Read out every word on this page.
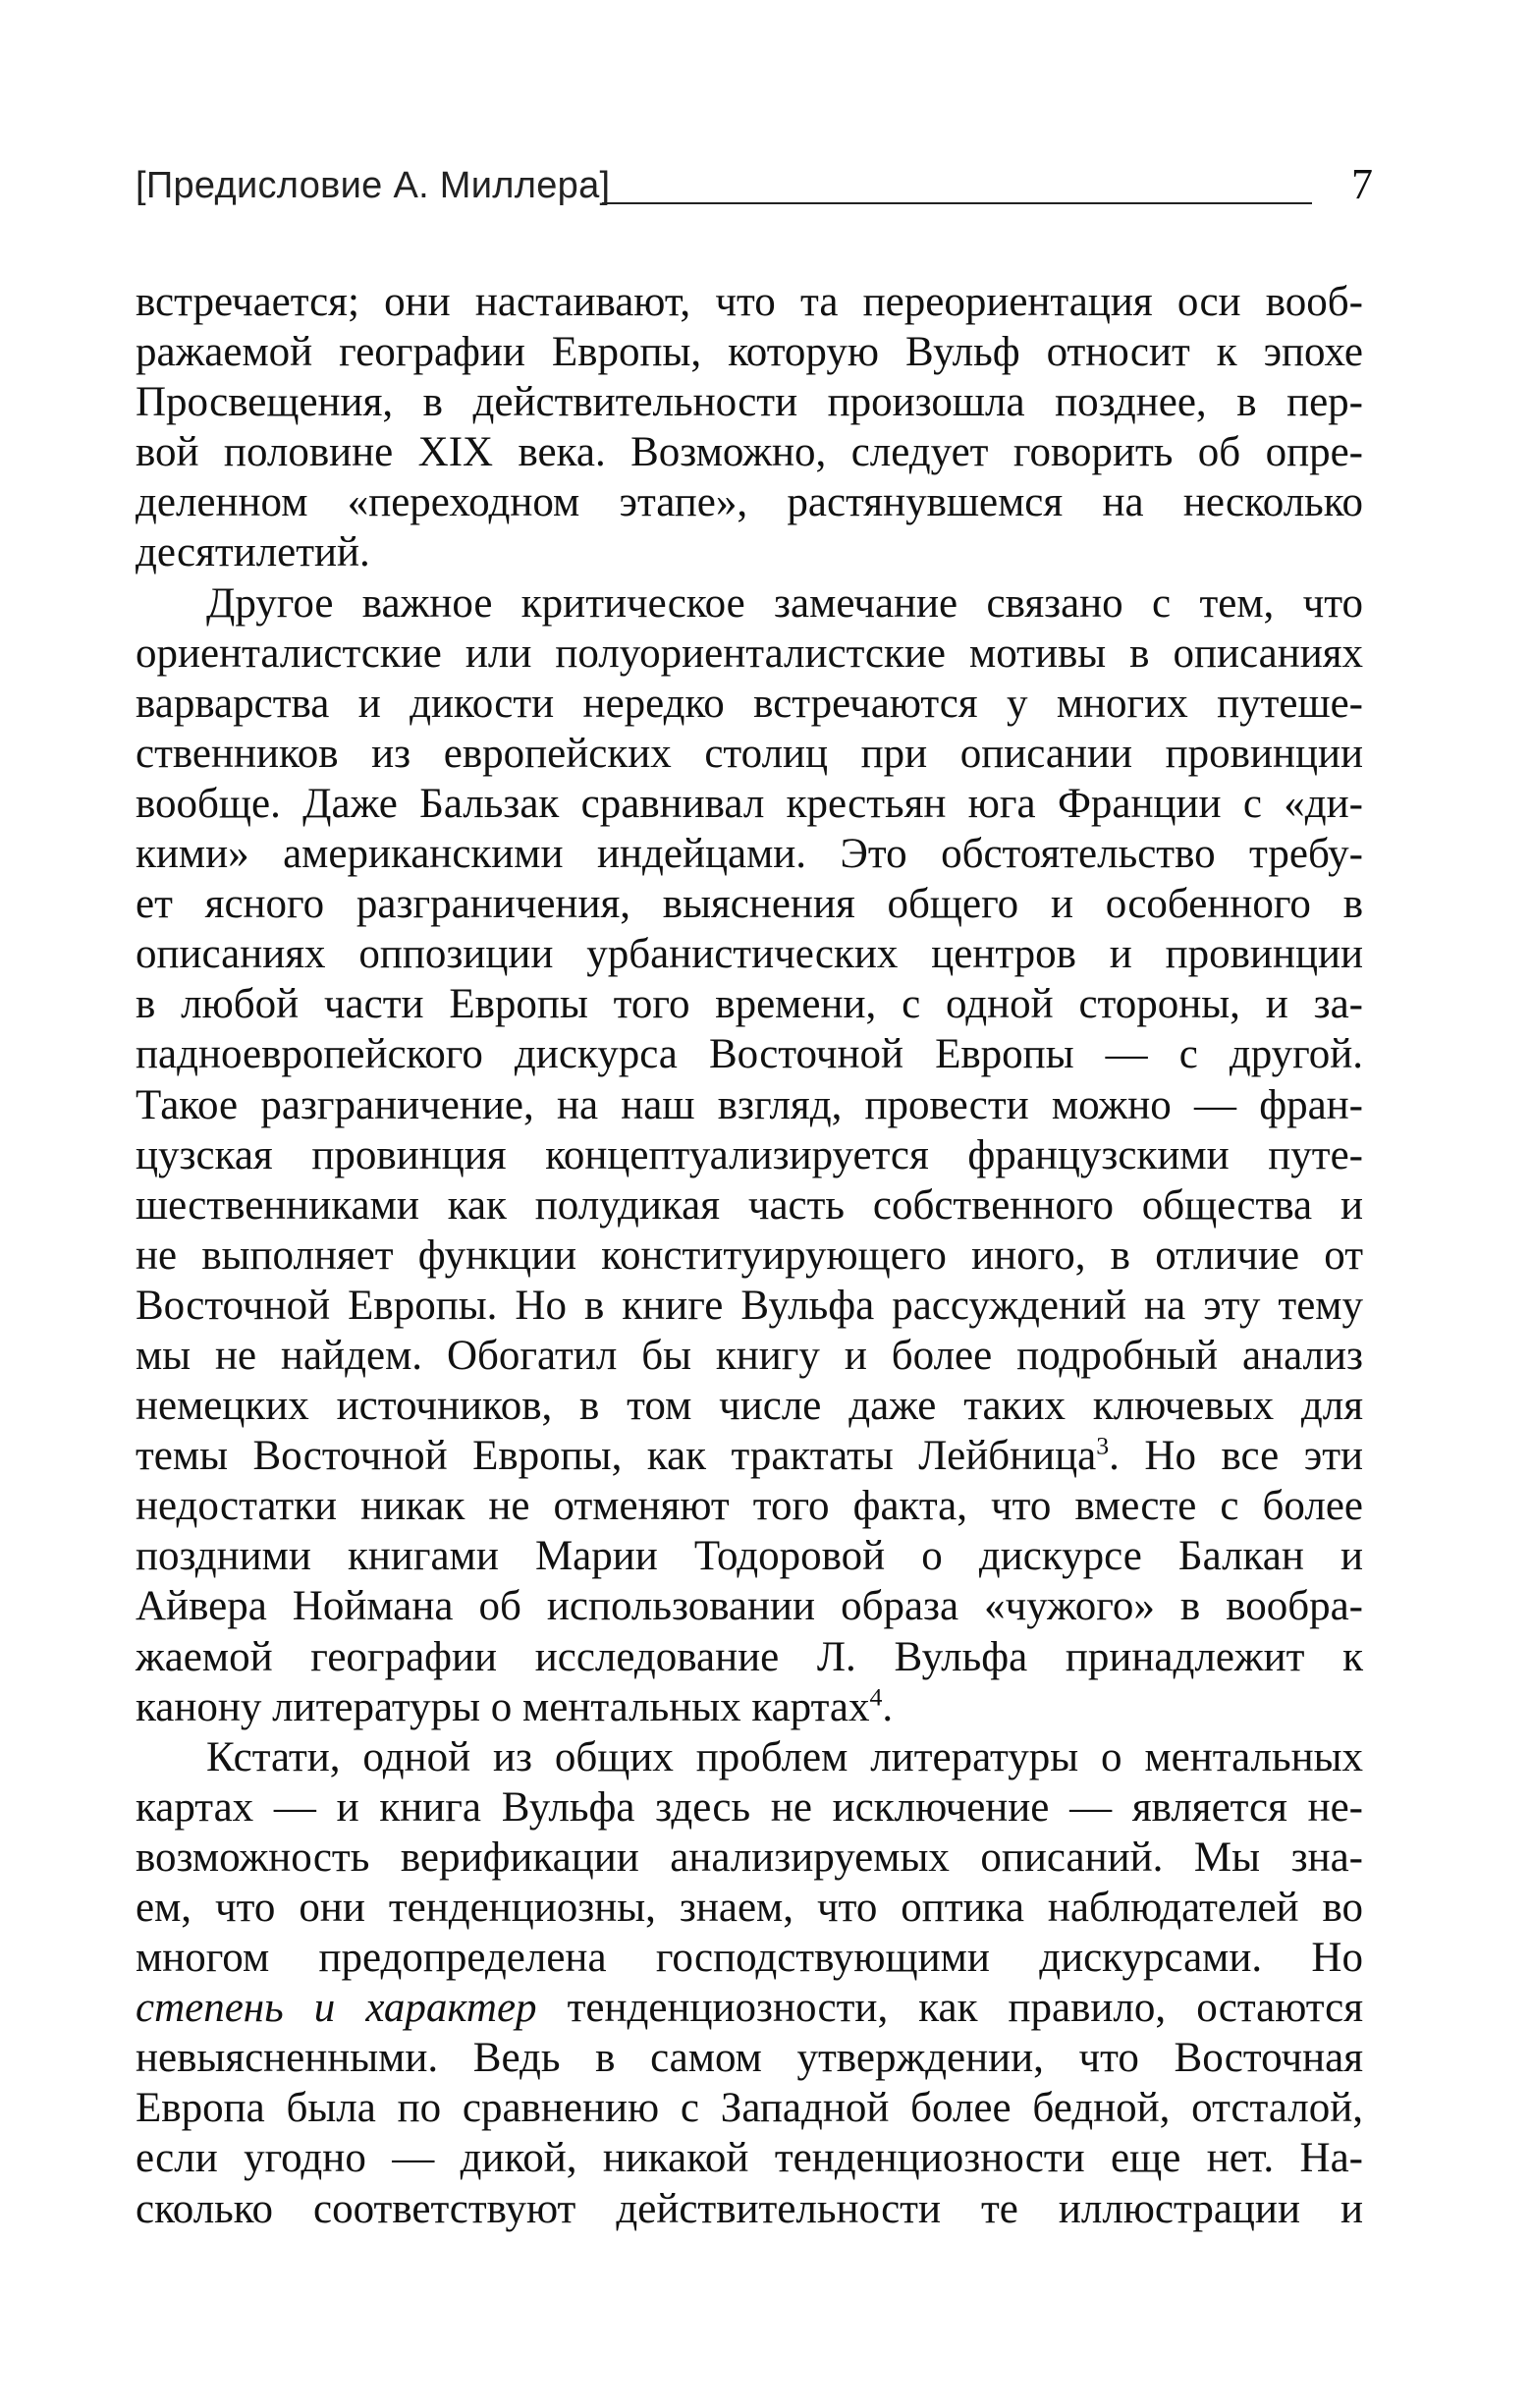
[Предисловие А. Миллера]	7
встречается; они настаивают, что та переориентация оси вооб-
ражаемой географии Европы, которую Вульф относит к эпохе
Просвещения, в действительности произошла позднее, в пер-
вой половине XIX века. Возможно, следует говорить об опре-
деленном «переходном этапе», растянувшемся на несколько
десятилетий.
Другое важное критическое замечание связано с тем, что
ориенталистские или полуориенталистские мотивы в описаниях
варварства и дикости нередко встречаются у многих путеше-
ственников из европейских столиц при описании провинции
вообще. Даже Бальзак сравнивал крестьян юга Франции с «ди-
кими» американскими индейцами. Это обстоятельство требу-
ет ясного разграничения, выяснения общего и особенного в
описаниях оппозиции урбанистических центров и провинции
в любой части Европы того времени, с одной стороны, и за-
падноевропейского дискурса Восточной Европы — с другой.
Такое разграничение, на наш взгляд, провести можно — фран-
цузская провинция концептуализируется французскими путе-
шественниками как полудикая часть собственного общества и
не выполняет функции конституирующего иного, в отличие от
Восточной Европы. Но в книге Вульфа рассуждений на эту тему
мы не найдем. Обогатил бы книгу и более подробный анализ
немецких источников, в том числе даже таких ключевых для
темы Восточной Европы, как трактаты Лейбница$^3$. Но все эти
недостатки никак не отменяют того факта, что вместе с более
поздними книгами Марии Тодоровой о дискурсе Балкан и
Айвера Ноймана об использовании образа «чужого» в вообра-
жаемой географии исследование Л. Вульфа принадлежит к
канону литературы о ментальных картах$^4$.
Кстати, одной из общих проблем литературы о ментальных
картах — и книга Вульфа здесь не исключение — является не-
возможность верификации анализируемых описаний. Мы зна-
ем, что они тенденциозны, знаем, что оптика наблюдателей во
многом предопределена господствующими дискурсами. Но
степень и характер тенденциозности, как правило, остаются
невыясненными. Ведь в самом утверждении, что Восточная
Европа была по сравнению с Западной более бедной, отсталой,
если угодно — дикой, никакой тенденциозности еще нет. На-
сколько соответствуют действительности те иллюстрации и
